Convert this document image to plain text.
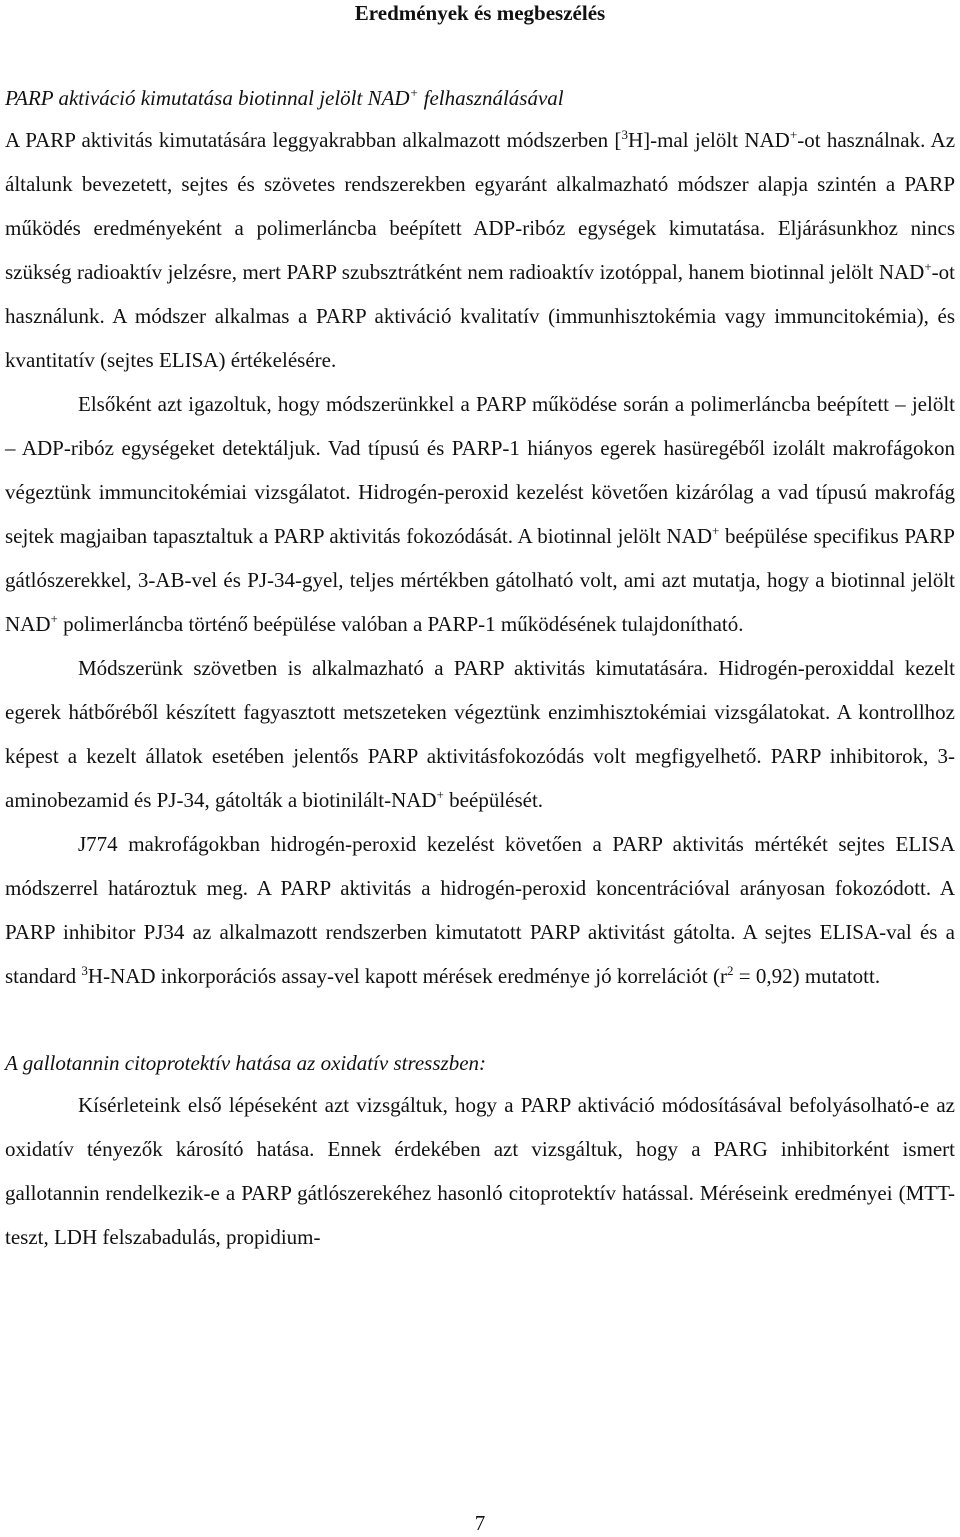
Eredmények és megbeszélés

PARP aktiváció kimutatása biotinnal jelölt NAD+ felhasználásával

A PARP aktivitás kimutatására leggyakrabban alkalmazott módszerben [$^3$H]-mal jelölt NAD+-ot használnak. Az általunk bevezetett, sejtes és szövetes rendszerekben egyaránt alkalmazható módszer alapja szintén a PARP működés eredményeként a polimerláncba beépített ADP-ribóz egységek kimutatása. Eljárásunkhoz nincs szükség radioaktív jelzésre, mert PARP szubsztrátként nem radioaktív izotóppal, hanem biotinnal jelölt NAD+-ot használunk. A módszer alkalmas a PARP aktiváció kvalitatív (immunhisztokémia vagy immuncitokémia), és kvantitatív (sejtes ELISA) értékelésére.

Elsőként azt igazoltuk, hogy módszerünkkel a PARP működése során a polimerláncba beépített – jelölt – ADP-ribóz egységeket detektáljuk. Vad típusú és PARP-1 hiányos egerek hasüregéből izolált makrofágokon végeztünk immuncitokémiai vizsgálatot. Hidrogén-peroxid kezelést követően kizárólag a vad típusú makrofág sejtek magjaiban tapasztaltuk a PARP aktivitás fokozódását. A biotinnal jelölt NAD+ beépülése specifikus PARP gátlószerekkel, 3-AB-vel és PJ-34-gyel, teljes mértékben gátolható volt, ami azt mutatja, hogy a biotinnal jelölt NAD+ polimerláncba történő beépülése valóban a PARP-1 működésének tulajdonítható.

Módszerünk szövetben is alkalmazható a PARP aktivitás kimutatására. Hidrogén-peroxiddal kezelt egerek hátbőréből készített fagyasztott metszeteken végeztünk enzimhisztokémiai vizsgálatokat. A kontrollhoz képest a kezelt állatok esetében jelentős PARP aktivitásfokozódás volt megfigyelhető. PARP inhibitorok, 3-aminobezamid és PJ-34, gátolták a biotinilált-NAD+ beépülését.

J774 makrofágokban hidrogén-peroxid kezelést követően a PARP aktivitás mértékét sejtes ELISA módszerrel határoztuk meg. A PARP aktivitás a hidrogén-peroxid koncentrációval arányosan fokozódott. A PARP inhibitor PJ34 az alkalmazott rendszerben kimutatott PARP aktivitást gátolta. A sejtes ELISA-val és a standard $^3$H-NAD inkorporációs assay-vel kapott mérések eredménye jó korrelációt $(r^2 = 0,92)$ mutatott.

A gallotannin citoprotektív hatása az oxidatív stresszben:

Kísérleteink első lépéseként azt vizsgáltuk, hogy a PARP aktiváció módosításával befolyásolható-e az oxidatív tényezők károsító hatása. Ennek érdekében azt vizsgáltuk, hogy a PARG inhibitorként ismert gallotannin rendelkezik-e a PARP gátlószerekéhez hasonló citoprotektív hatással. Méréseink eredményei (MTT-teszt, LDH felszabadulás, propidium-

7
